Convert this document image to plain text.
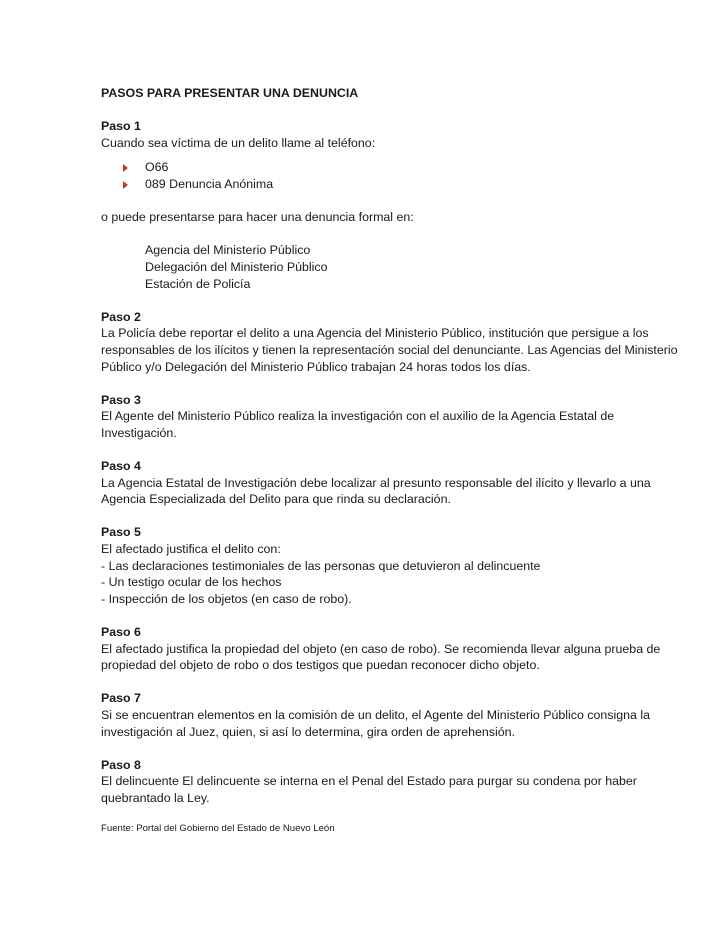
PASOS PARA PRESENTAR UNA DENUNCIA
Paso 1
Cuando sea víctima de un delito llame al teléfono:
O66
089 Denuncia Anónima
o puede presentarse para hacer una denuncia formal en:
Agencia del Ministerio Público
Delegación del Ministerio Público
Estación de Policía
Paso 2
La Policía debe reportar el delito a una Agencia del Ministerio Público, institución que persigue a los responsables de los ilícitos y tienen la representación social del denunciante. Las Agencias del Ministerio Público y/o Delegación del Ministerio Público trabajan 24 horas todos los días.
Paso 3
El Agente del Ministerio Público realiza la investigación con el auxilio de la Agencia Estatal de Investigación.
Paso 4
La Agencia Estatal de Investigación debe localizar al presunto responsable del ilícito y llevarlo a una Agencia Especializada del Delito para que rinda su declaración.
Paso 5
El afectado justifica el delito con:
- Las declaraciones testimoniales de las personas que detuvieron al delincuente
- Un testigo ocular de los hechos
- Inspección de los objetos (en caso de robo).
Paso 6
El afectado justifica la propiedad del objeto (en caso de robo). Se recomienda llevar alguna prueba de propiedad del objeto de robo o dos testigos que puedan reconocer dicho objeto.
Paso 7
Si se encuentran elementos en la comisión de un delito, el Agente del Ministerio Público consigna la investigación al Juez, quien, si así lo determina, gira orden de aprehensión.
Paso 8
El delincuente El delincuente se interna en el Penal del Estado para purgar su condena por haber quebrantado la Ley.
Fuente: Portal del Gobierno del Estado de Nuevo León
